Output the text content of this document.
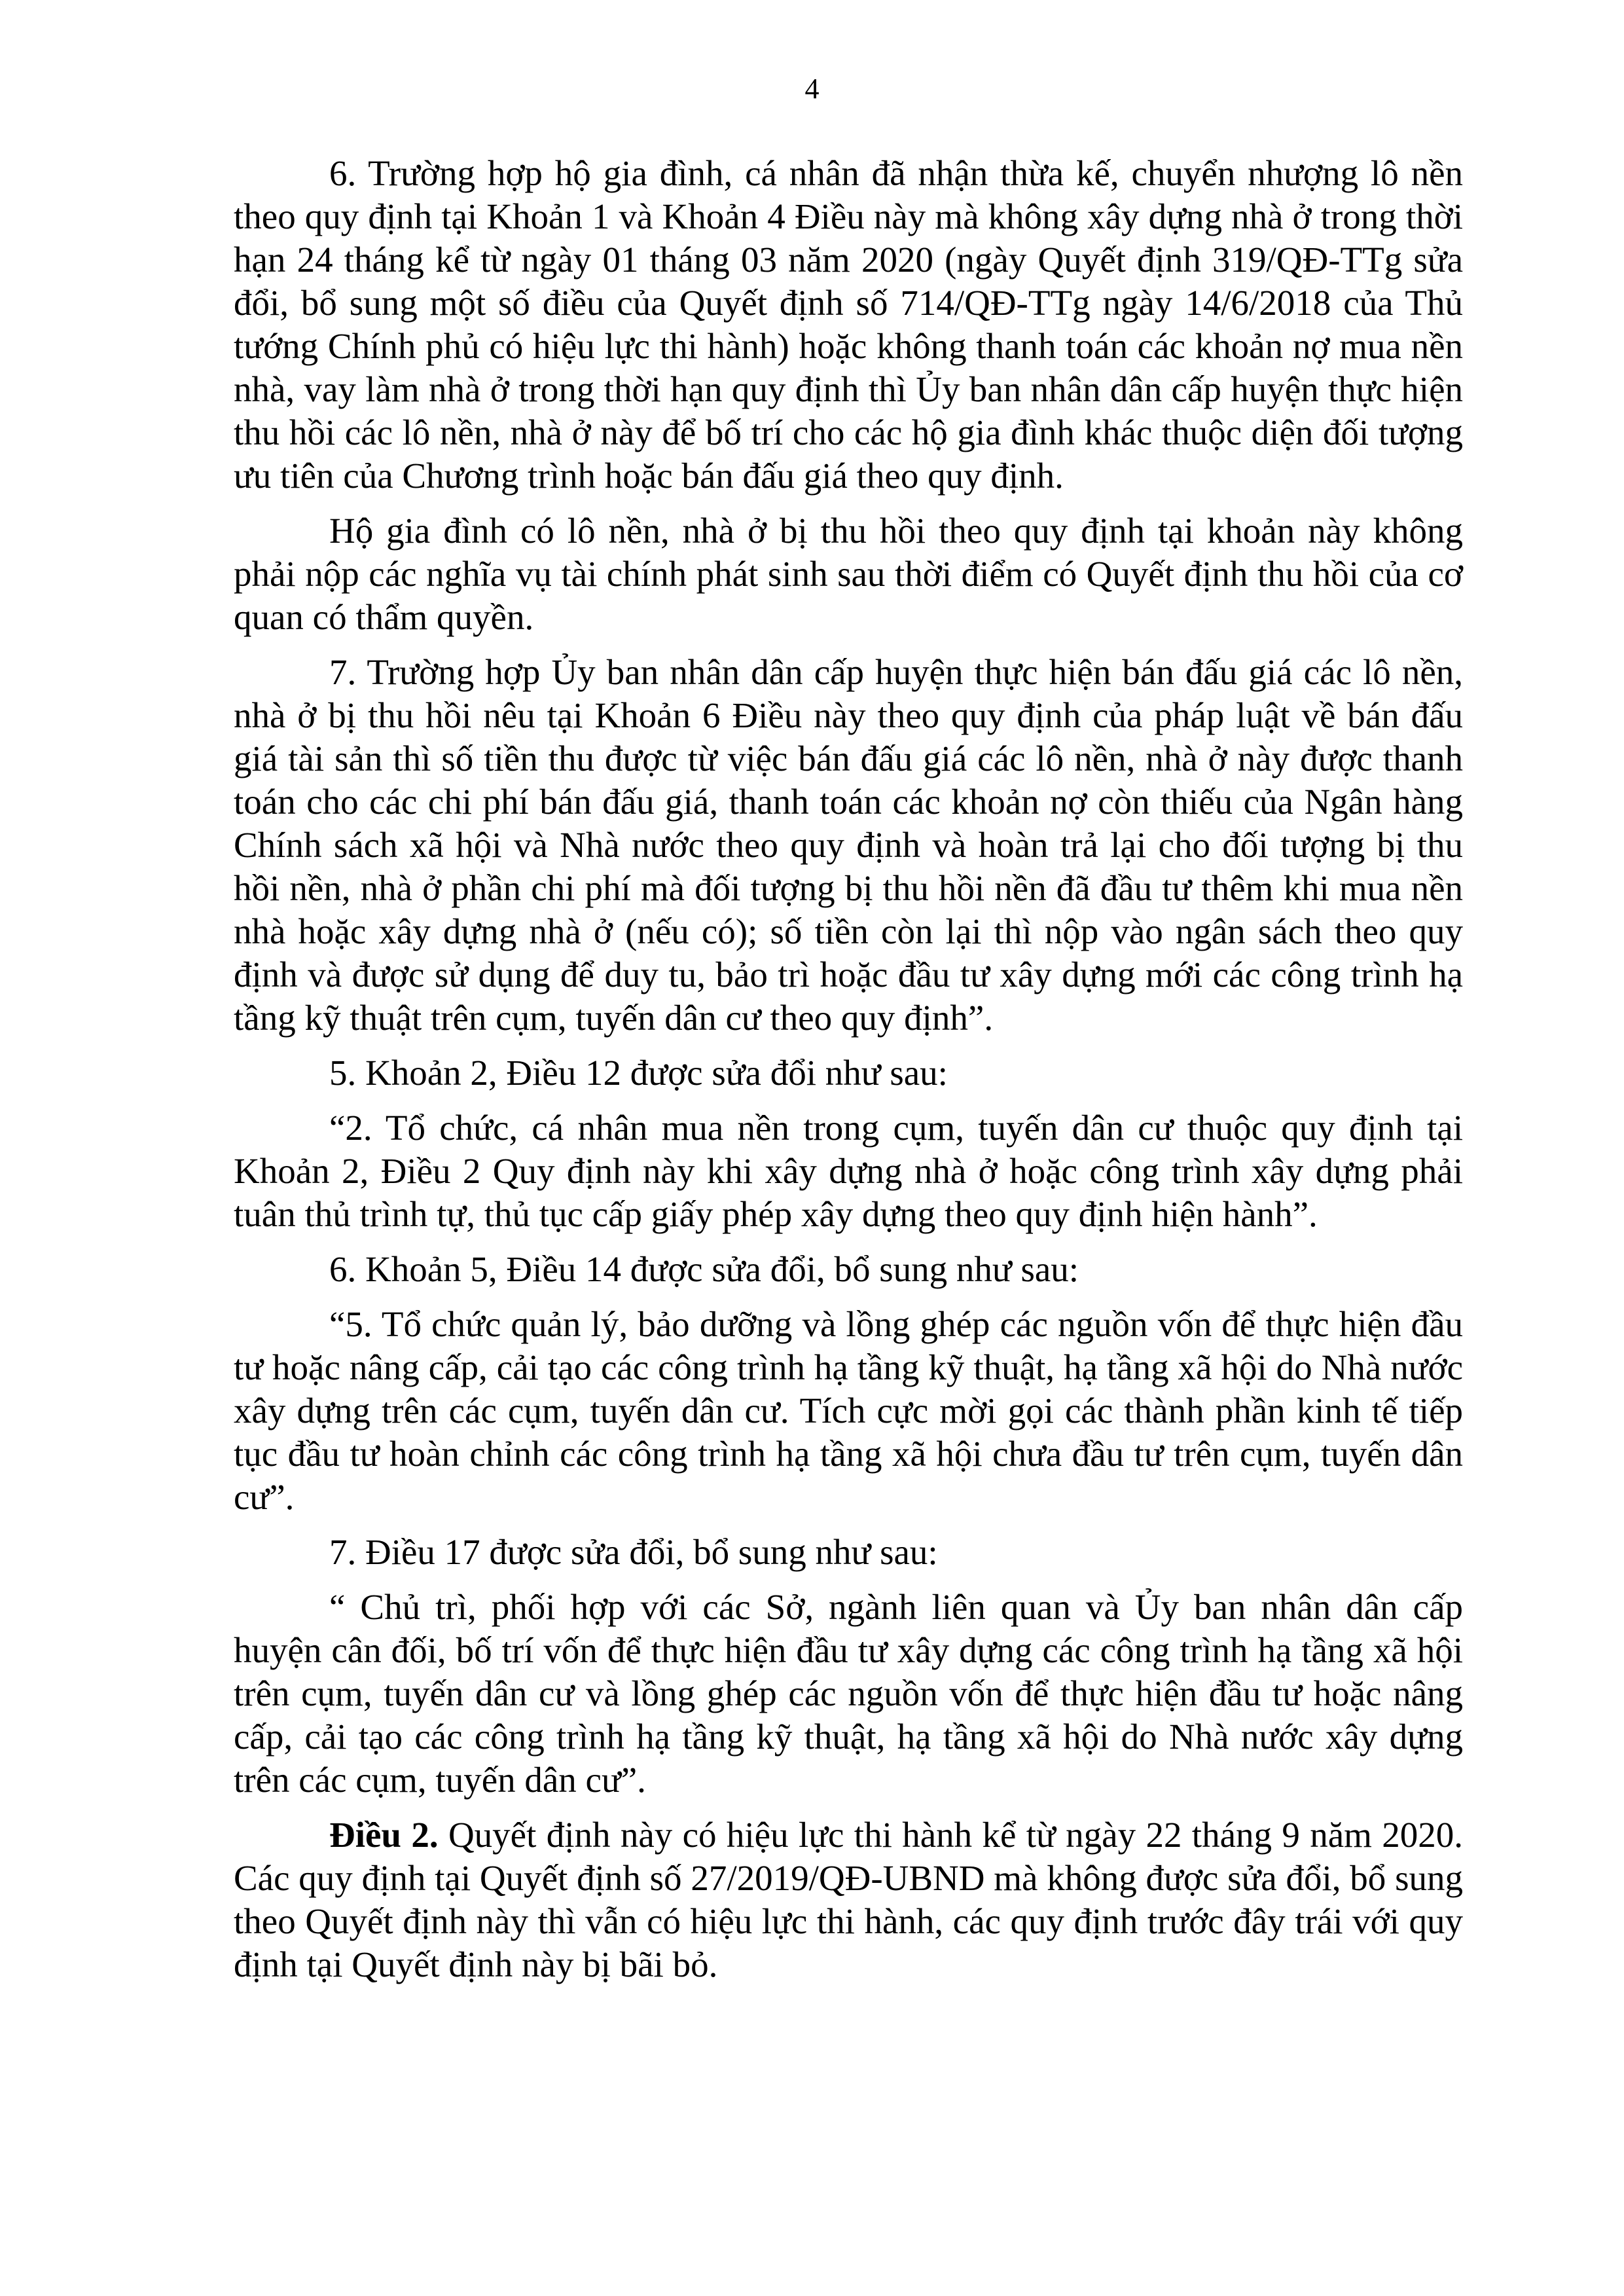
4

6. Trường hợp hộ gia đình, cá nhân đã nhận thừa kế, chuyển nhượng lô nền theo quy định tại Khoản 1 và Khoản 4 Điều này mà không xây dựng nhà ở trong thời hạn 24 tháng kể từ ngày 01 tháng 03 năm 2020 (ngày Quyết định 319/QĐ-TTg sửa đổi, bổ sung một số điều của Quyết định số 714/QĐ-TTg ngày 14/6/2018 của Thủ tướng Chính phủ có hiệu lực thi hành) hoặc không thanh toán các khoản nợ mua nền nhà, vay làm nhà ở trong thời hạn quy định thì Ủy ban nhân dân cấp huyện thực hiện thu hồi các lô nền, nhà ở này để bố trí cho các hộ gia đình khác thuộc diện đối tượng ưu tiên của Chương trình hoặc bán đấu giá theo quy định.

Hộ gia đình có lô nền, nhà ở bị thu hồi theo quy định tại khoản này không phải nộp các nghĩa vụ tài chính phát sinh sau thời điểm có Quyết định thu hồi của cơ quan có thẩm quyền.

7. Trường hợp Ủy ban nhân dân cấp huyện thực hiện bán đấu giá các lô nền, nhà ở bị thu hồi nêu tại Khoản 6 Điều này theo quy định của pháp luật về bán đấu giá tài sản thì số tiền thu được từ việc bán đấu giá các lô nền, nhà ở này được thanh toán cho các chi phí bán đấu giá, thanh toán các khoản nợ còn thiếu của Ngân hàng Chính sách xã hội và Nhà nước theo quy định và hoàn trả lại cho đối tượng bị thu hồi nền, nhà ở phần chi phí mà đối tượng bị thu hồi nền đã đầu tư thêm khi mua nền nhà hoặc xây dựng nhà ở (nếu có); số tiền còn lại thì nộp vào ngân sách theo quy định và được sử dụng để duy tu, bảo trì hoặc đầu tư xây dựng mới các công trình hạ tầng kỹ thuật trên cụm, tuyến dân cư theo quy định”.

5. Khoản 2, Điều 12 được sửa đổi như sau:

“2. Tổ chức, cá nhân mua nền trong cụm, tuyến dân cư thuộc quy định tại Khoản 2, Điều 2 Quy định này khi xây dựng nhà ở hoặc công trình xây dựng phải tuân thủ trình tự, thủ tục cấp giấy phép xây dựng theo quy định hiện hành”.

6. Khoản 5, Điều 14 được sửa đổi, bổ sung như sau:

“5. Tổ chức quản lý, bảo dưỡng và lồng ghép các nguồn vốn để thực hiện đầu tư hoặc nâng cấp, cải tạo các công trình hạ tầng kỹ thuật, hạ tầng xã hội do Nhà nước xây dựng trên các cụm, tuyến dân cư. Tích cực mời gọi các thành phần kinh tế tiếp tục đầu tư hoàn chỉnh các công trình hạ tầng xã hội chưa đầu tư trên cụm, tuyến dân cư”.

7. Điều 17 được sửa đổi, bổ sung như sau:

“ Chủ trì, phối hợp với các Sở, ngành liên quan và Ủy ban nhân dân cấp huyện cân đối, bố trí vốn để thực hiện đầu tư xây dựng các công trình hạ tầng xã hội trên cụm, tuyến dân cư và lồng ghép các nguồn vốn để thực hiện đầu tư hoặc nâng cấp, cải tạo các công trình hạ tầng kỹ thuật, hạ tầng xã hội do Nhà nước xây dựng trên các cụm, tuyến dân cư”.

Điều 2. Quyết định này có hiệu lực thi hành kể từ ngày 22 tháng 9 năm 2020. Các quy định tại Quyết định số 27/2019/QĐ-UBND mà không được sửa đổi, bổ sung theo Quyết định này thì vẫn có hiệu lực thi hành, các quy định trước đây trái với quy định tại Quyết định này bị bãi bỏ.
